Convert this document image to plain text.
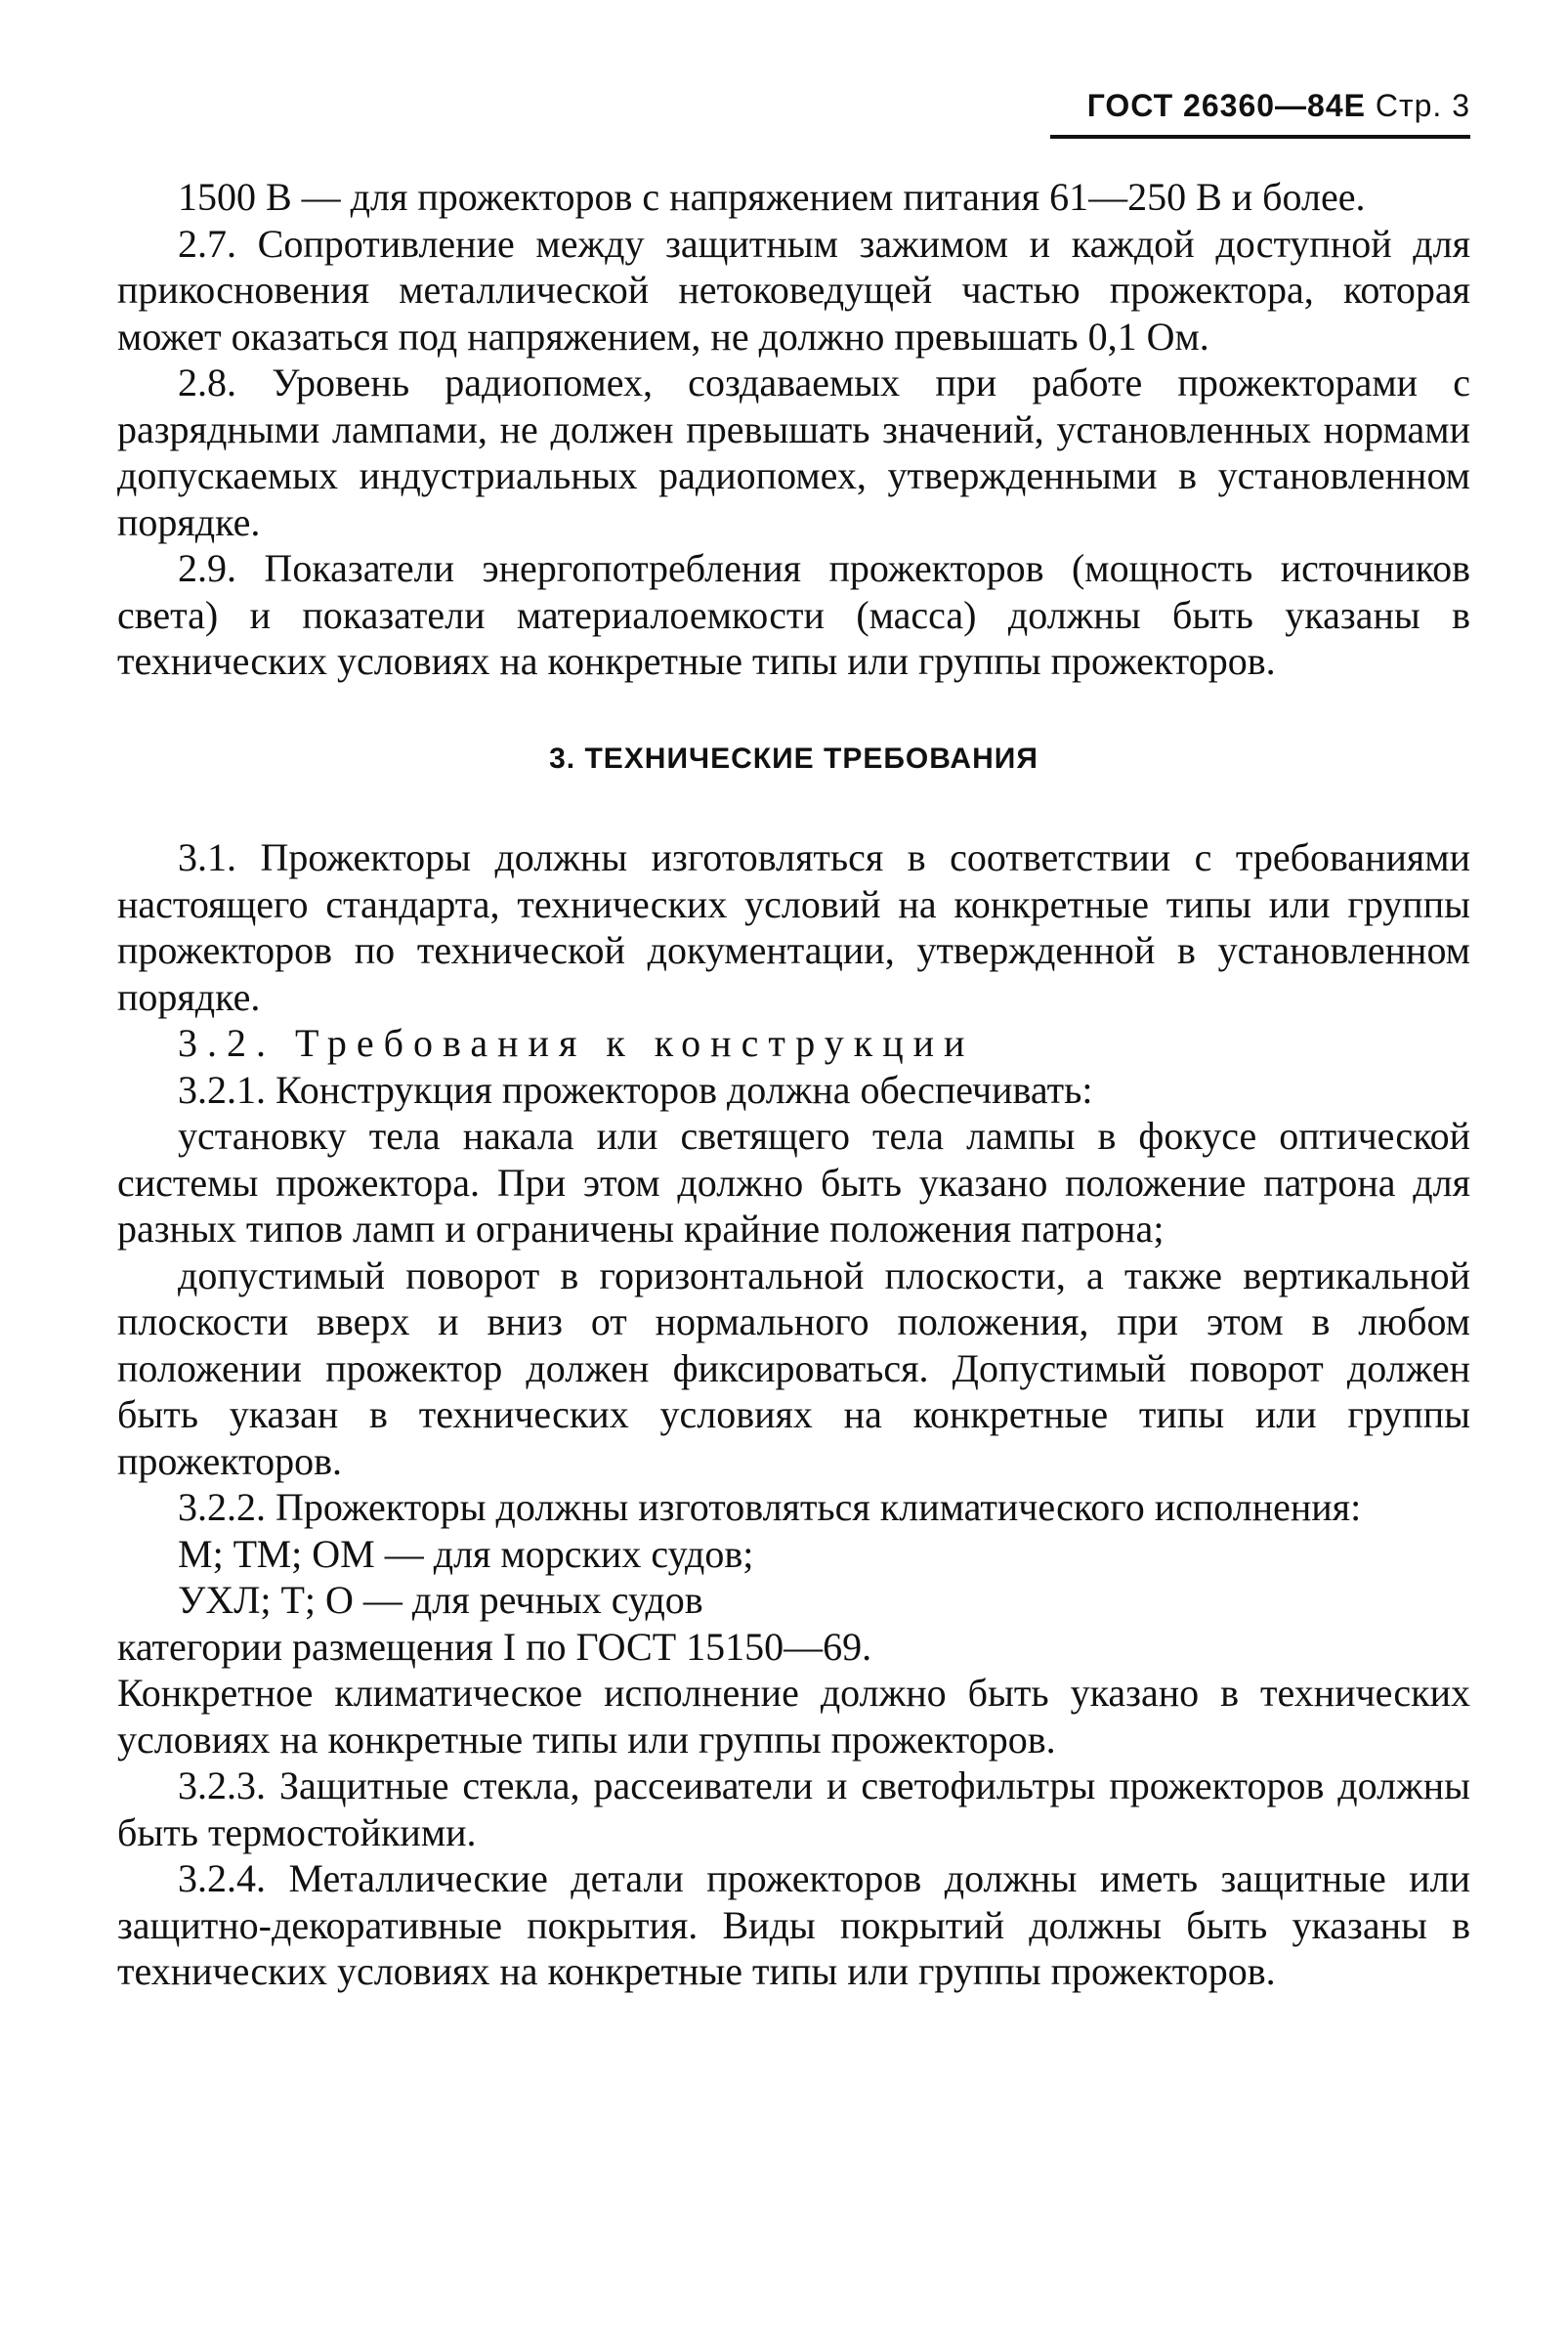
ГОСТ 26360—84Е Стр. 3

1500 В — для прожекторов с напряжением питания 61—250 В и более.

2.7. Сопротивление между защитным зажимом и каждой доступной для прикосновения металлической нетоковедущей частью прожектора, которая может оказаться под напряжением, не должно превышать 0,1 Ом.

2.8. Уровень радиопомех, создаваемых при работе прожекторами с разрядными лампами, не должен превышать значений, установленных нормами допускаемых индустриальных радиопомех, утвержденными в установленном порядке.

2.9. Показатели энергопотребления прожекторов (мощность источников света) и показатели материалоемкости (масса) должны быть указаны в технических условиях на конкретные типы или группы прожекторов.

3. ТЕХНИЧЕСКИЕ ТРЕБОВАНИЯ

3.1. Прожекторы должны изготовляться в соответствии с требованиями настоящего стандарта, технических условий на конкретные типы или группы прожекторов по технической документации, утвержденной в установленном порядке.

3.2. Требования к конструкции

3.2.1. Конструкция прожекторов должна обеспечивать:

установку тела накала или светящего тела лампы в фокусе оптической системы прожектора. При этом должно быть указано положение патрона для разных типов ламп и ограничены крайние положения патрона;

допустимый поворот в горизонтальной плоскости, а также вертикальной плоскости вверх и вниз от нормального положения, при этом в любом положении прожектор должен фиксироваться. Допустимый поворот должен быть указан в технических условиях на конкретные типы или группы прожекторов.

3.2.2. Прожекторы должны изготовляться климатического исполнения:

М; ТМ; ОМ — для морских судов;

УХЛ; Т; О — для речных судов

категории размещения I по ГОСТ 15150—69.

Конкретное климатическое исполнение должно быть указано в технических условиях на конкретные типы или группы прожекторов.

3.2.3. Защитные стекла, рассеиватели и светофильтры прожекторов должны быть термостойкими.

3.2.4. Металлические детали прожекторов должны иметь защитные или защитно-декоративные покрытия. Виды покрытий должны быть указаны в технических условиях на конкретные типы или группы прожекторов.
